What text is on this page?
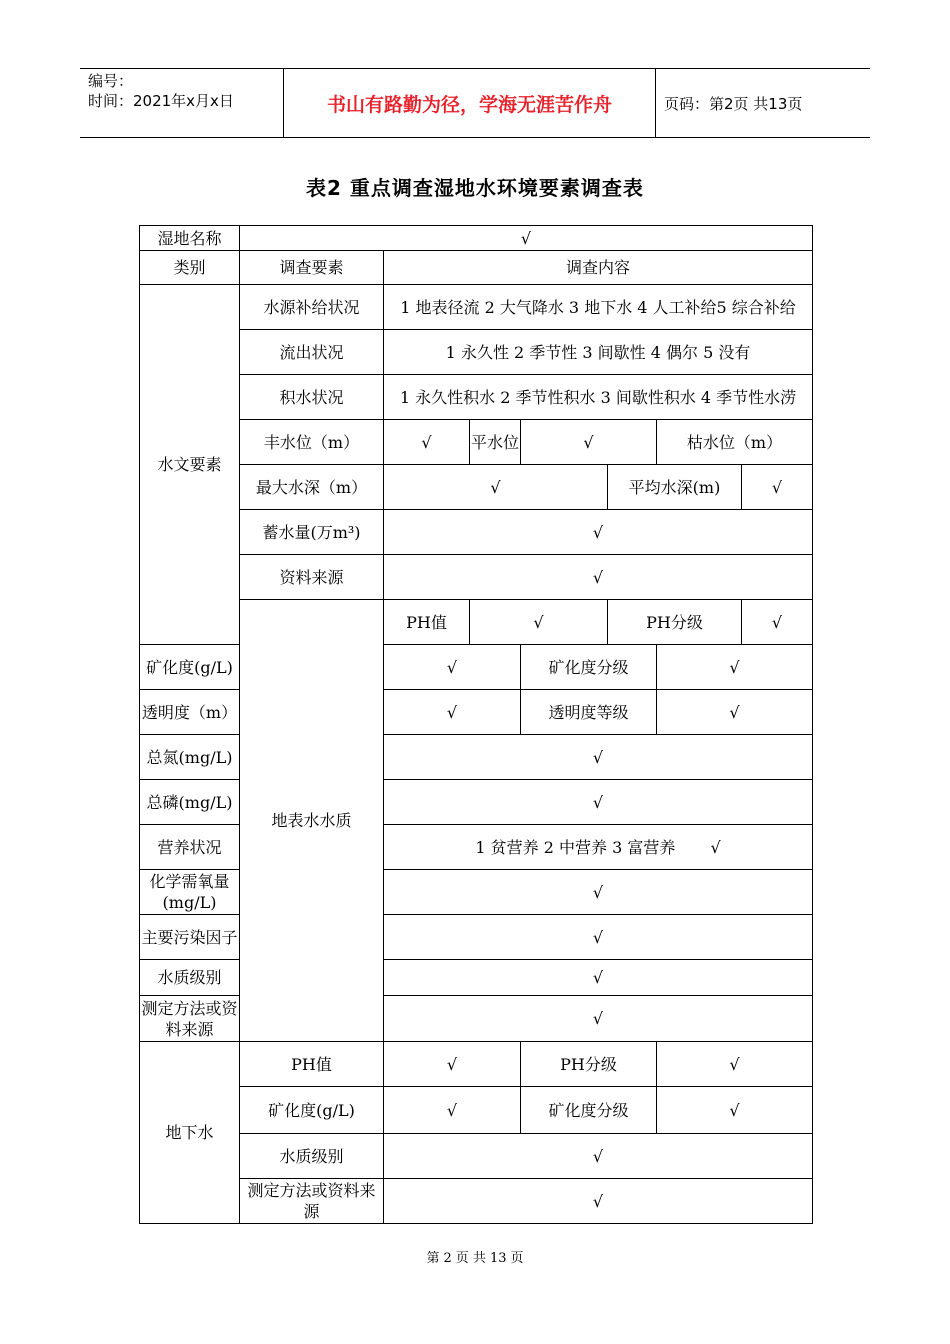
编号：
时间：2021年x月x日	书山有路勤为径，学海无涯苦作舟	页码：第2页 共13页
表2 重点调查湿地水环境要素调查表
湿地名称	√							
类别	调查要素	调查内容						
水文要素	水源补给状况	1 地表径流 2 大气降水 3 地下水 4 人工补给5 综合补给						
	流出状况	1 永久性 2 季节性 3 间歇性 4 偶尔 5 没有						
	积水状况	1 永久性积水 2 季节性积水 3 间歇性积水 4 季节性水涝						
	丰水位（m）	√	平水位	√		枯水位（m）	
	最大水深（m）	√			平均水深(m)		√	
	蓄水量(万m³)	√						
	资料来源	√						
	地表水水质	PH值	√		PH分级		√	
矿化度(g/L)		√		矿化度分级		√		
透明度（m）		√		透明度等级		√		
总氮(mg/L)		√						
总磷(mg/L)		√						
营养状况		1 贫营养 2 中营养 3 富营养 √						
化学需氧量(mg/L)		√						
主要污染因子		√						
水质级别		√						
测定方法或资料来源		√						
地下水	PH值	√		PH分级		√		
	矿化度(g/L)	√		矿化度分级		√		
	水质级别	√						
	测定方法或资料来源	√						
第 2 页 共 13 页
